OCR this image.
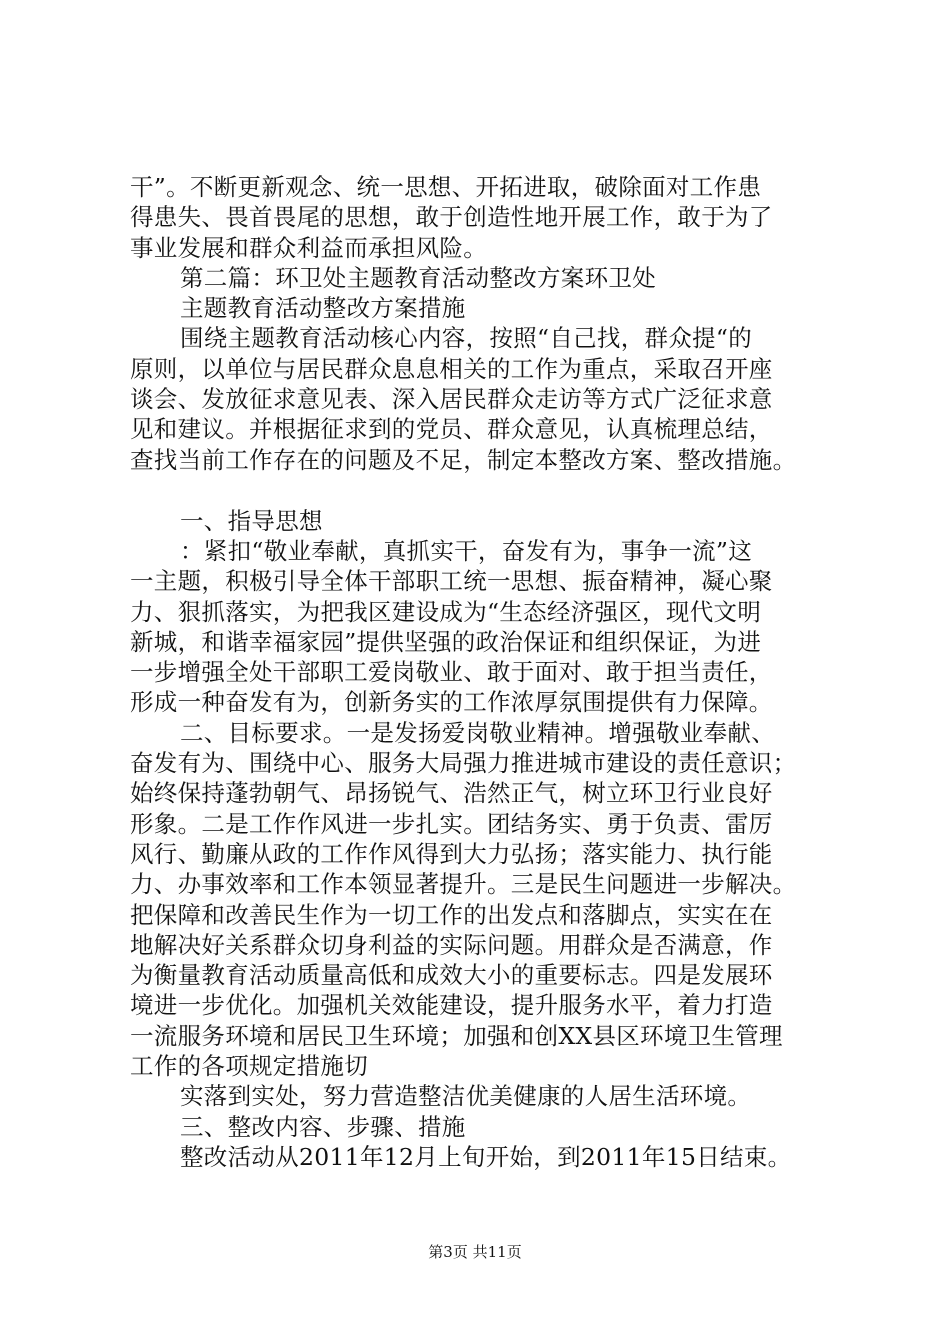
干”。不断更新观念、统一思想、开拓进取，破除面对工作患
得患失、畏首畏尾的思想，敢于创造性地开展工作，敢于为了
事业发展和群众利益而承担风险。
第二篇：环卫处主题教育活动整改方案环卫处
主题教育活动整改方案措施
围绕主题教育活动核心内容，按照“自己找，群众提“的
原则，以单位与居民群众息息相关的工作为重点，采取召开座
谈会、发放征求意见表、深入居民群众走访等方式广泛征求意
见和建议。并根据征求到的党员、群众意见，认真梳理总结，
查找当前工作存在的问题及不足，制定本整改方案、整改措施。
一、指导思想
：紧扣“敬业奉献，真抓实干，奋发有为，事争一流”这
一主题，积极引导全体干部职工统一思想、振奋精神，凝心聚
力、狠抓落实，为把我区建设成为“生态经济强区，现代文明
新城，和谐幸福家园”提供坚强的政治保证和组织保证，为进
一步增强全处干部职工爱岗敬业、敢于面对、敢于担当责任，
形成一种奋发有为，创新务实的工作浓厚氛围提供有力保障。
二、目标要求。一是发扬爱岗敬业精神。增强敬业奉献、
奋发有为、围绕中心、服务大局强力推进城市建设的责任意识；
始终保持蓬勃朝气、昂扬锐气、浩然正气，树立环卫行业良好
形象。二是工作作风进一步扎实。团结务实、勇于负责、雷厉
风行、勤廉从政的工作作风得到大力弘扬；落实能力、执行能
力、办事效率和工作本领显著提升。三是民生问题进一步解决。
把保障和改善民生作为一切工作的出发点和落脚点，实实在在
地解决好关系群众切身利益的实际问题。用群众是否满意，作
为衡量教育活动质量高低和成效大小的重要标志。四是发展环
境进一步优化。加强机关效能建设，提升服务水平，着力打造
一流服务环境和居民卫生环境；加强和创XX县区环境卫生管理
工作的各项规定措施切
实落到实处，努力营造整洁优美健康的人居生活环境。
三、整改内容、步骤、措施
整改活动从2011年12月上旬开始，到2011年15日结束。
第3页 共11页
